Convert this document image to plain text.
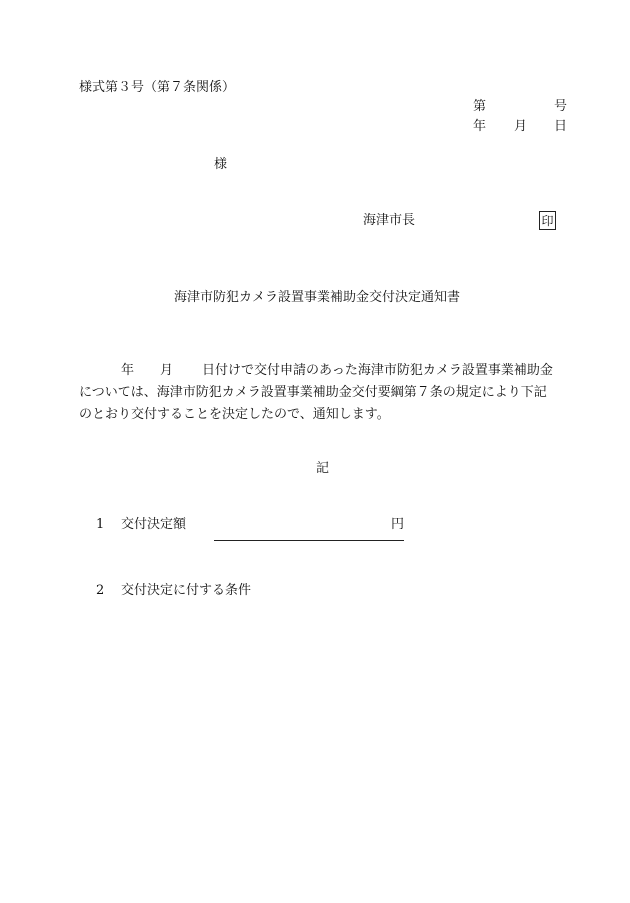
様式第３号（第７条関係）
第	号
年 月 日
様
海津市長	印
海津市防犯カメラ設置事業補助金交付決定通知書
年 月 日付けで交付申請のあった海津市防犯カメラ設置事業補助金
については、海津市防犯カメラ設置事業補助金交付要綱第７条の規定により下記
のとおり交付することを決定したので、通知します。
記
1 交付決定額	円
2 交付決定に付する条件
